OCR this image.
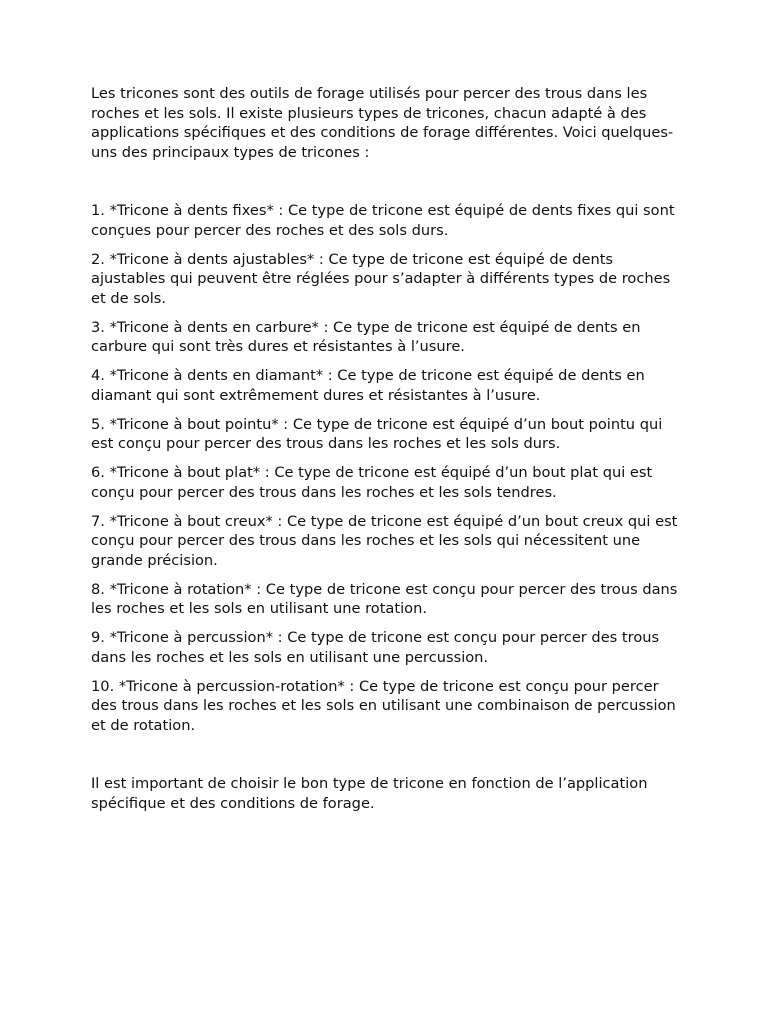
Les tricones sont des outils de forage utilisés pour percer des trous dans les roches et les sols. Il existe plusieurs types de tricones, chacun adapté à des applications spécifiques et des conditions de forage différentes. Voici quelques-uns des principaux types de tricones :

1. *Tricone à dents fixes* : Ce type de tricone est équipé de dents fixes qui sont conçues pour percer des roches et des sols durs.

2. *Tricone à dents ajustables* : Ce type de tricone est équipé de dents ajustables qui peuvent être réglées pour s’adapter à différents types de roches et de sols.

3. *Tricone à dents en carbure* : Ce type de tricone est équipé de dents en carbure qui sont très dures et résistantes à l’usure.

4. *Tricone à dents en diamant* : Ce type de tricone est équipé de dents en diamant qui sont extrêmement dures et résistantes à l’usure.

5. *Tricone à bout pointu* : Ce type de tricone est équipé d’un bout pointu qui est conçu pour percer des trous dans les roches et les sols durs.

6. *Tricone à bout plat* : Ce type de tricone est équipé d’un bout plat qui est conçu pour percer des trous dans les roches et les sols tendres.

7. *Tricone à bout creux* : Ce type de tricone est équipé d’un bout creux qui est conçu pour percer des trous dans les roches et les sols qui nécessitent une grande précision.

8. *Tricone à rotation* : Ce type de tricone est conçu pour percer des trous dans les roches et les sols en utilisant une rotation.

9. *Tricone à percussion* : Ce type de tricone est conçu pour percer des trous dans les roches et les sols en utilisant une percussion.

10. *Tricone à percussion-rotation* : Ce type de tricone est conçu pour percer des trous dans les roches et les sols en utilisant une combinaison de percussion et de rotation.

Il est important de choisir le bon type de tricone en fonction de l’application spécifique et des conditions de forage.
